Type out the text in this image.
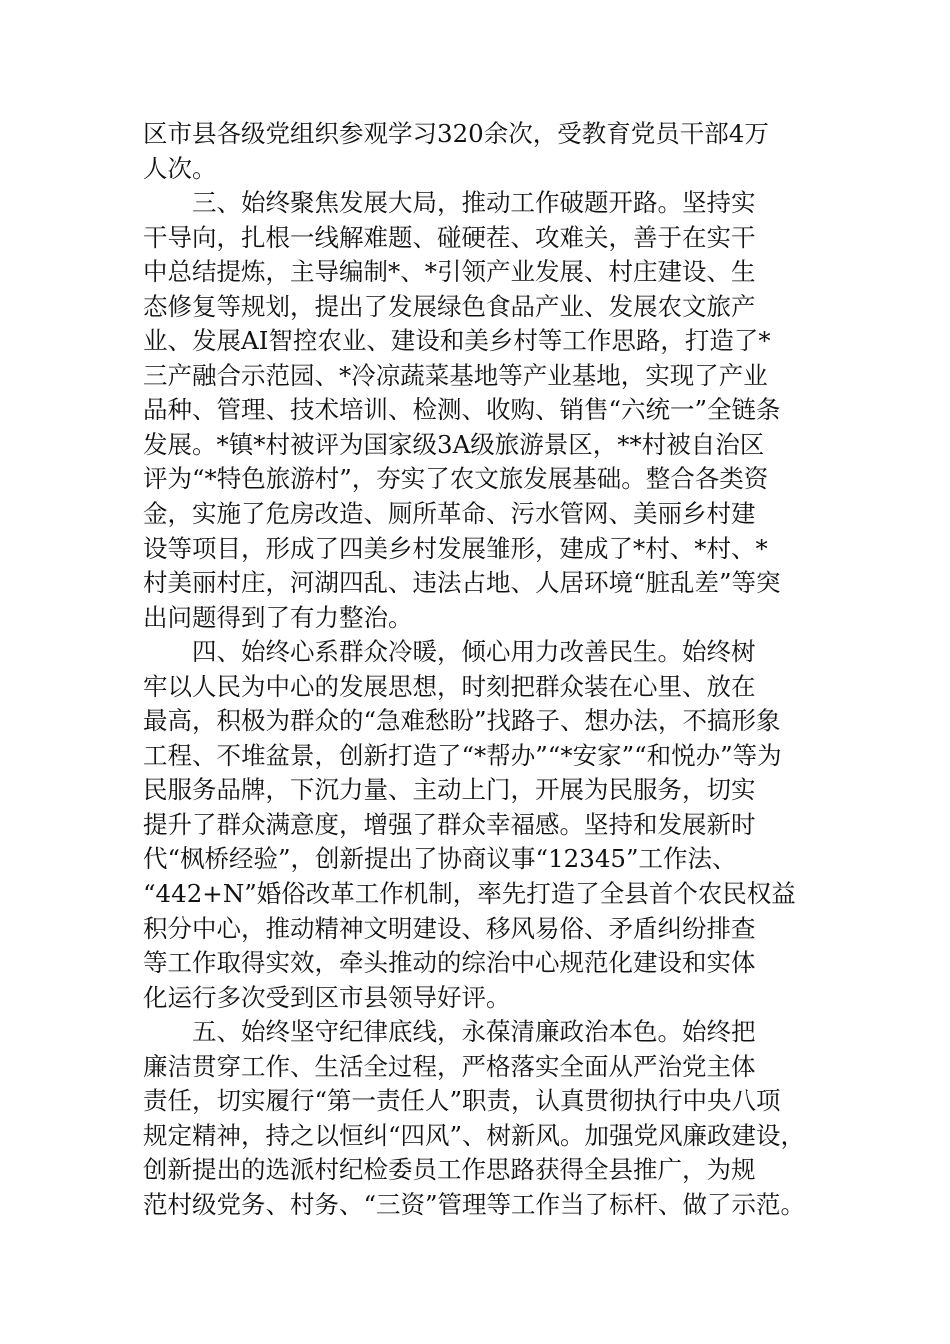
区市县各级党组织参观学习320余次，受教育党员干部4万
人次。
三、始终聚焦发展大局，推动工作破题开路。坚持实
干导向，扎根一线解难题、碰硬茬、攻难关，善于在实干
中总结提炼，主导编制*、*引领产业发展、村庄建设、生
态修复等规划，提出了发展绿色食品产业、发展农文旅产
业、发展AI智控农业、建设和美乡村等工作思路，打造了*
三产融合示范园、*冷凉蔬菜基地等产业基地，实现了产业
品种、管理、技术培训、检测、收购、销售“六统一”全链条
发展。*镇*村被评为国家级3A级旅游景区，**村被自治区
评为“*特色旅游村”，夯实了农文旅发展基础。整合各类资
金，实施了危房改造、厕所革命、污水管网、美丽乡村建
设等项目，形成了四美乡村发展雏形，建成了*村、*村、*
村美丽村庄，河湖四乱、违法占地、人居环境“脏乱差”等突
出问题得到了有力整治。
四、始终心系群众冷暖，倾心用力改善民生。始终树
牢以人民为中心的发展思想，时刻把群众装在心里、放在
最高，积极为群众的“急难愁盼”找路子、想办法，不搞形象
工程、不堆盆景，创新打造了“*帮办”“*安家”“和悦办”等为
民服务品牌，下沉力量、主动上门，开展为民服务，切实
提升了群众满意度，增强了群众幸福感。坚持和发展新时
代“枫桥经验”，创新提出了协商议事“12345”工作法、
“442+N”婚俗改革工作机制，率先打造了全县首个农民权益
积分中心，推动精神文明建设、移风易俗、矛盾纠纷排查
等工作取得实效，牵头推动的综治中心规范化建设和实体
化运行多次受到区市县领导好评。
五、始终坚守纪律底线，永葆清廉政治本色。始终把
廉洁贯穿工作、生活全过程，严格落实全面从严治党主体
责任，切实履行“第一责任人”职责，认真贯彻执行中央八项
规定精神，持之以恒纠“四风”、树新风。加强党风廉政建设，
创新提出的选派村纪检委员工作思路获得全县推广，为规
范村级党务、村务、“三资”管理等工作当了标杆、做了示范。
